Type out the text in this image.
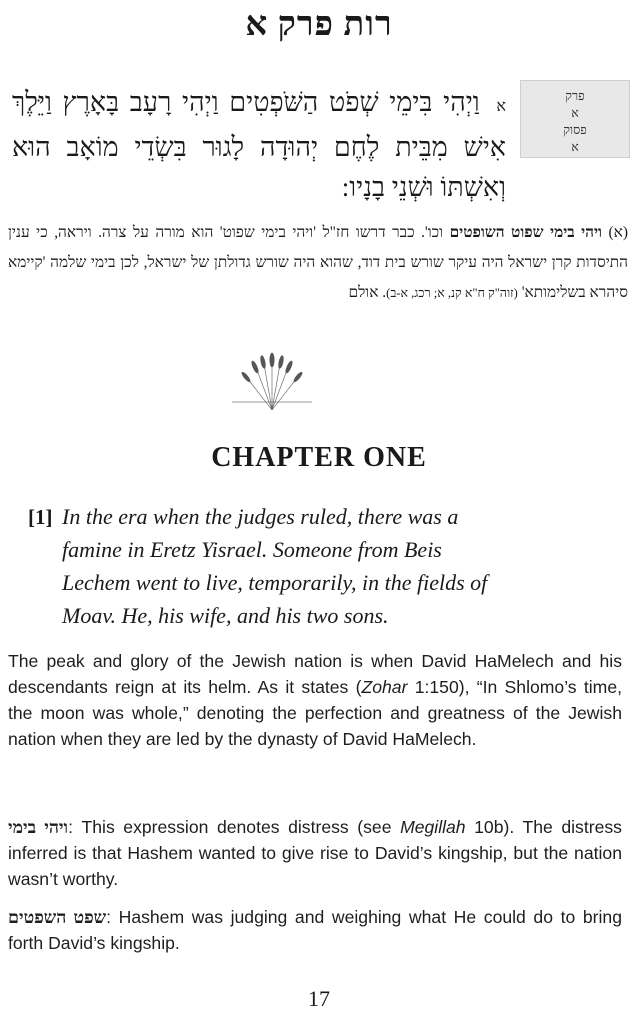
רות פרק א
פרק
א
פסוק
א
א וַיְהִי בִּימֵי שְׁפֹט הַשֹּׁפְטִים וַיְהִי רָעָב בָּאָרֶץ וַיֵּלֶךְ אִישׁ מִבֵּית לֶחֶם יְהוּדָה לָגוּר בִּשְׂדֵי מוֹאָב הוּא וְאִשְׁתּוֹ וּשְׁנֵי בָנָיו:
(א) ויהי בימי שפוט השופטים וכו'. כבר דרשו חז"ל 'ויהי בימי שפוט' הוא מורה על צרה. ויראה, כי ענין התיסדות קרן ישראל היה עיקר שורש בית דוד, שהוא היה שורש גדולתן של ישראל, לכן בימי שלמה 'קיימא סיהרא בשלימותא' (זוה"ק ח"א קנ, א; רכג, א-ב). אולם
CHAPTER ONE
[1] In the era when the judges ruled, there was a famine in Eretz Yisrael. Someone from Beis Lechem went to live, temporarily, in the fields of Moav. He, his wife, and his two sons.
The peak and glory of the Jewish nation is when David HaMelech and his descendants reign at its helm. As it states (Zohar 1:150), “In Shlomo’s time, the moon was whole,” denoting the perfection and greatness of the Jewish nation when they are led by the dynasty of David HaMelech.
ויהי בימי: This expression denotes distress (see Megillah 10b). The distress inferred is that Hashem wanted to give rise to David’s kingship, but the nation wasn’t worthy.
שפט השפטים: Hashem was judging and weighing what He could do to bring forth David’s kingship.
17
